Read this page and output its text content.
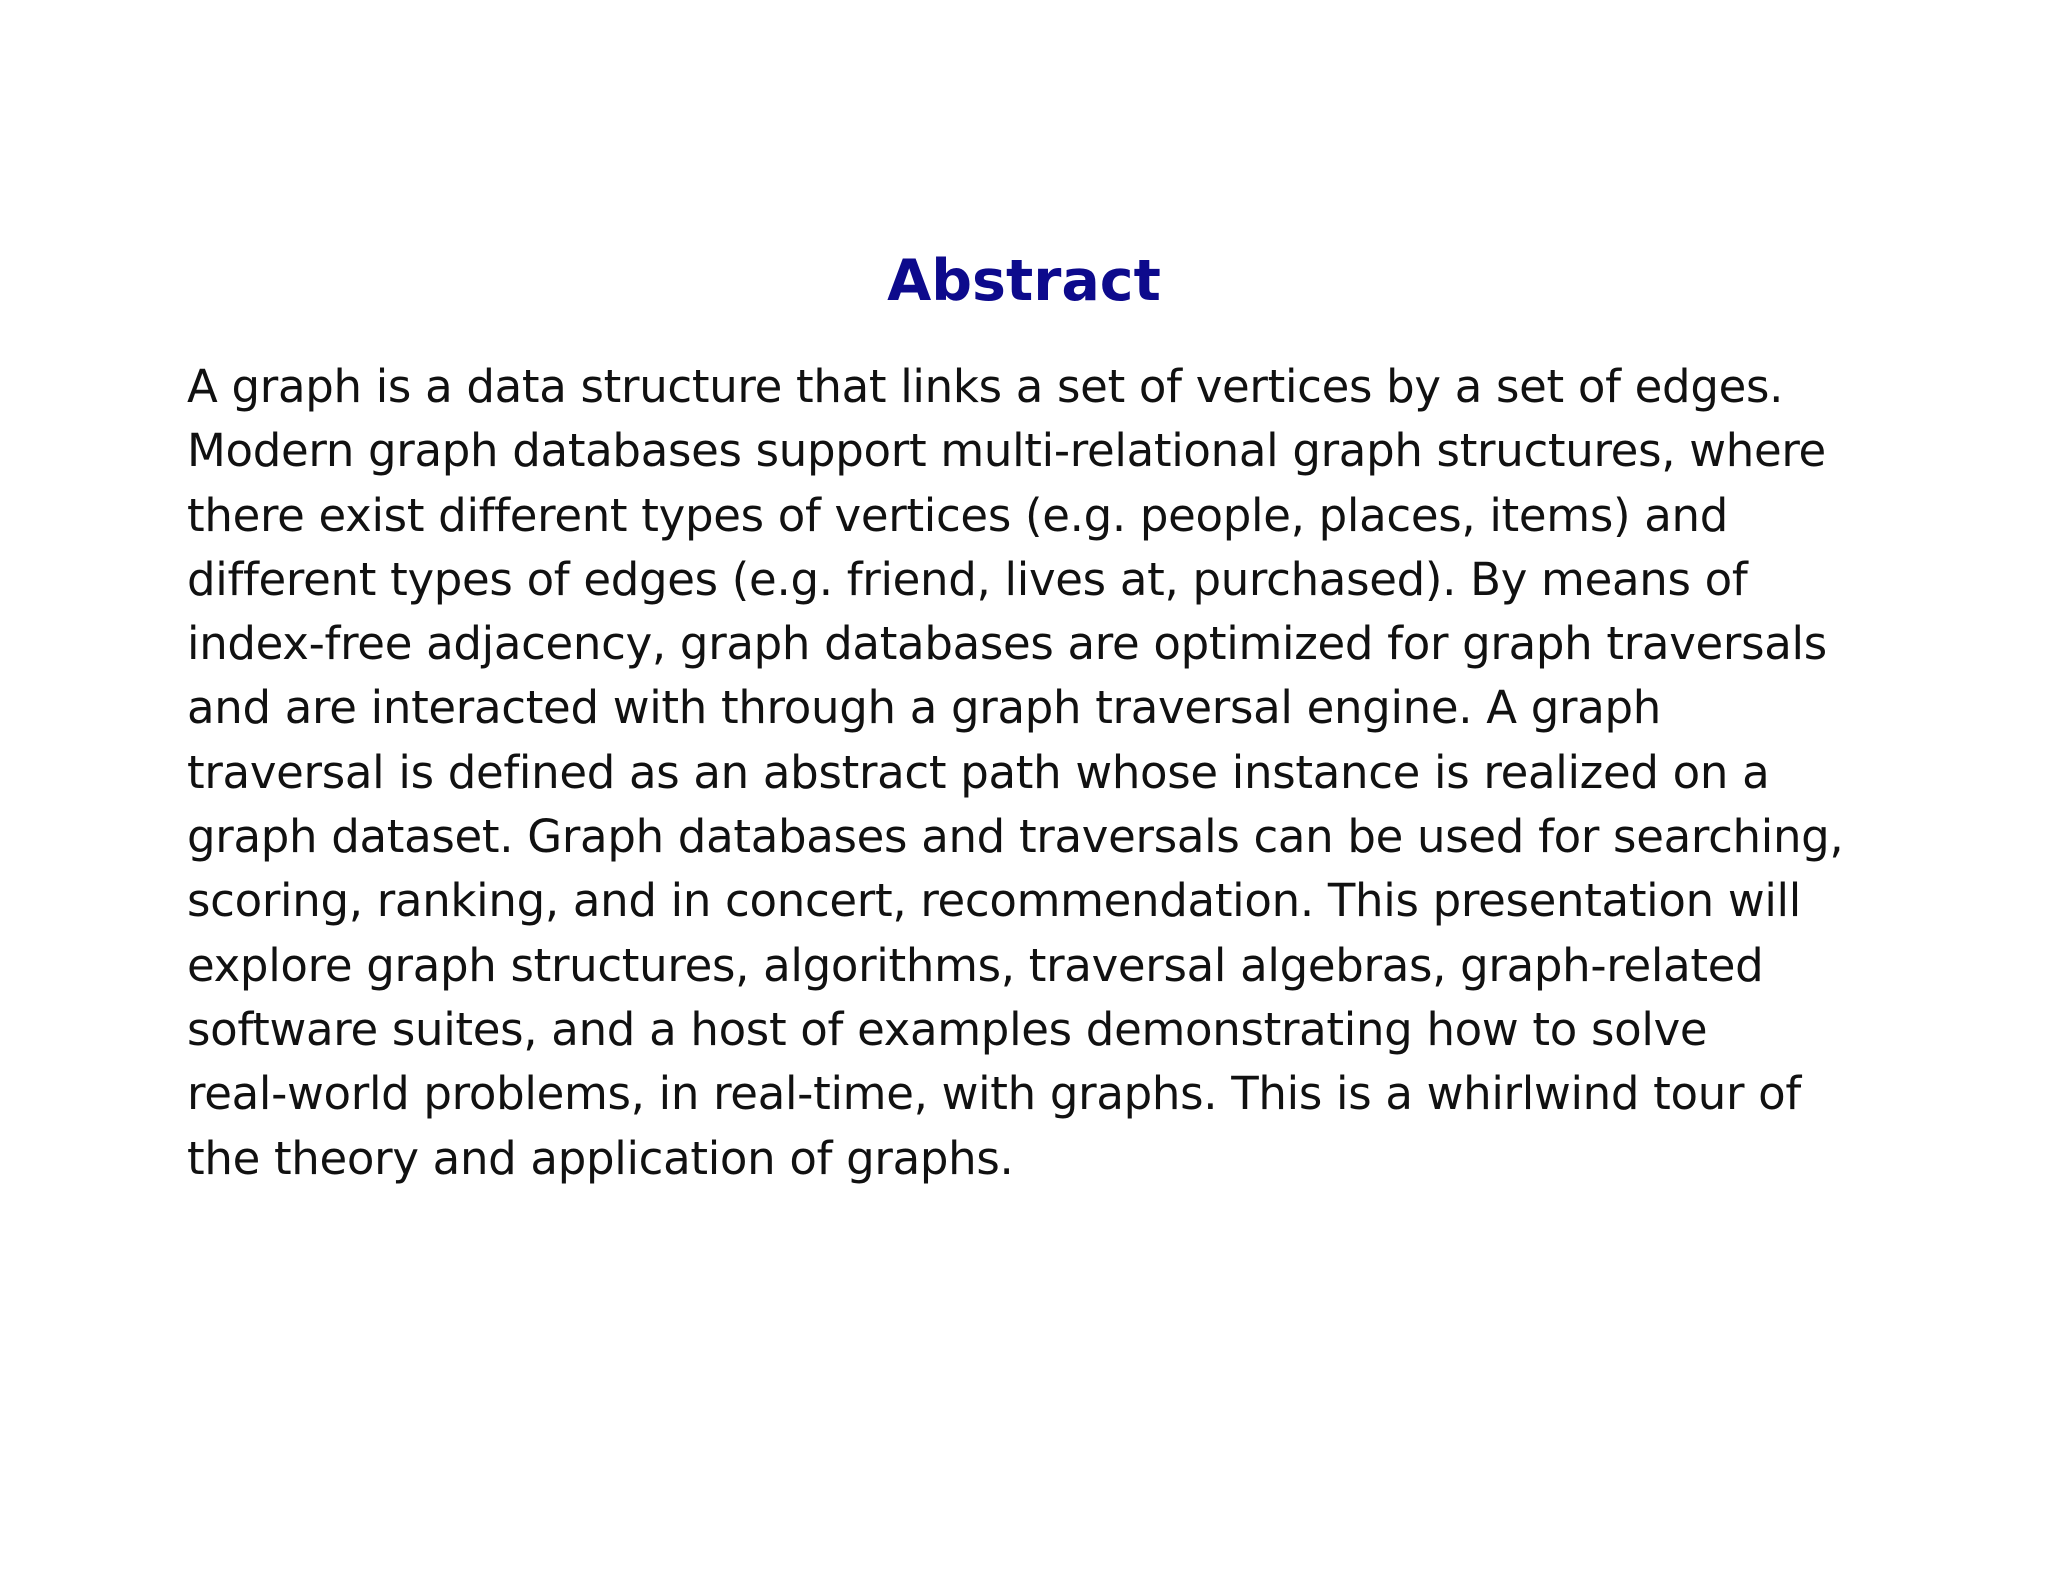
Abstract

A graph is a data structure that links a set of vertices by a set of edges.
Modern graph databases support multi-relational graph structures, where
there exist different types of vertices (e.g. people, places, items) and
different types of edges (e.g. friend, lives at, purchased). By means of
index-free adjacency, graph databases are optimized for graph traversals
and are interacted with through a graph traversal engine. A graph
traversal is defined as an abstract path whose instance is realized on a
graph dataset. Graph databases and traversals can be used for searching,
scoring, ranking, and in concert, recommendation. This presentation will
explore graph structures, algorithms, traversal algebras, graph-related
software suites, and a host of examples demonstrating how to solve
real-world problems, in real-time, with graphs. This is a whirlwind tour of
the theory and application of graphs.
